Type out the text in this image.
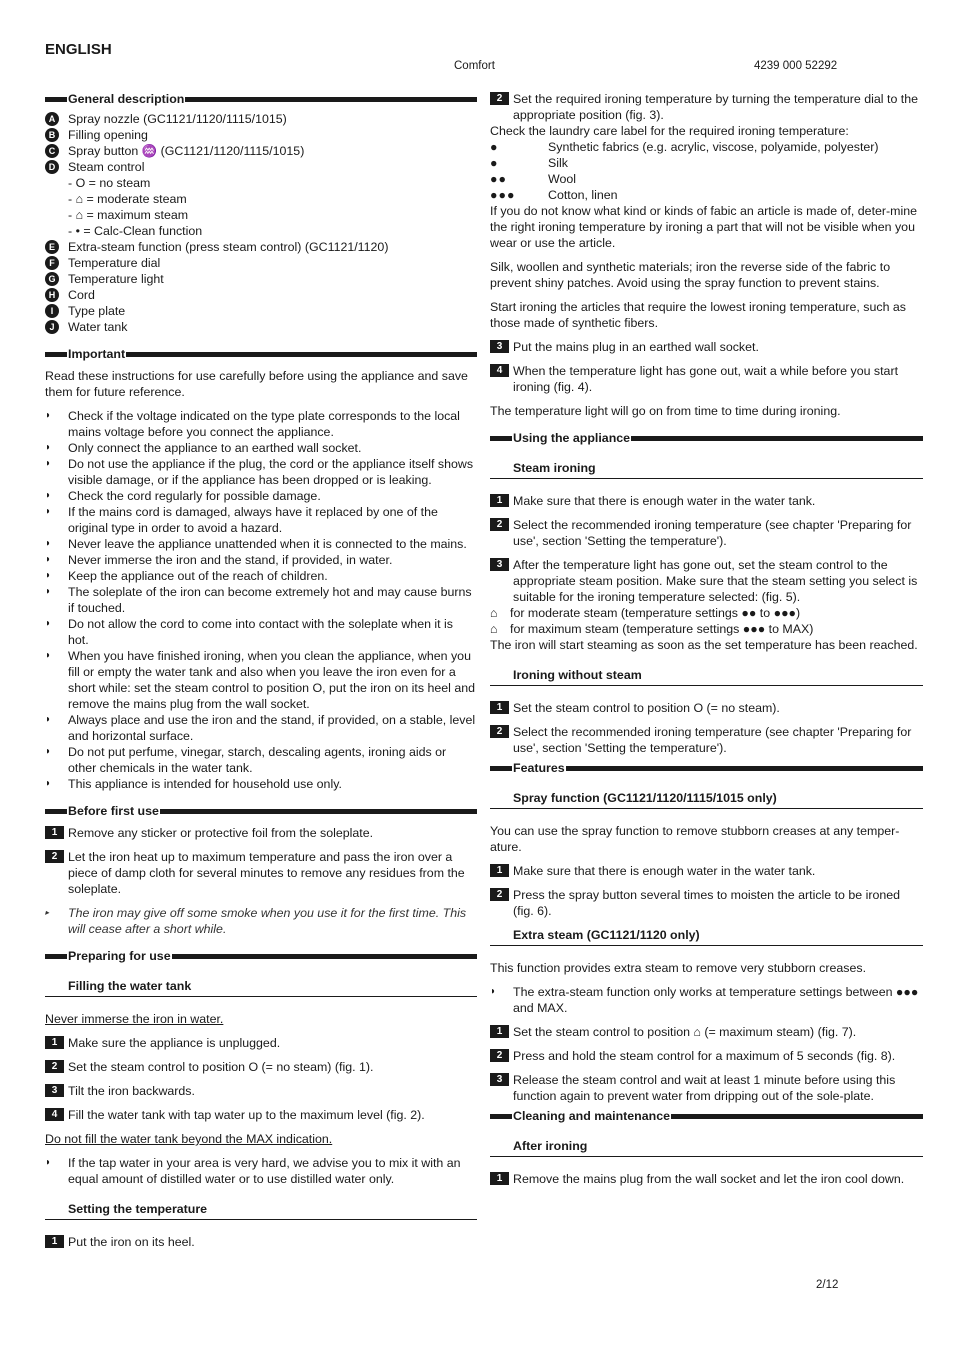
ENGLISH
Comfort	4239 000 52292
General description
A	Spray nozzle (GC1121/1120/1115/1015)
B	Filling opening
C	Spray button ♒ (GC1121/1120/1115/1015)
D	Steam control
- O = no steam
- ⌂ = moderate steam
- ⌂ = maximum steam
- • = Calc-Clean function
E	Extra-steam function (press steam control) (GC1121/1120)
F	Temperature dial
G Temperature light
H	Cord
I	Type plate
J	Water tank
Important
Read these instructions for use carefully before using the appliance and save them for future reference.
◗	Check if the voltage indicated on the type plate corresponds to the local mains voltage before you connect the appliance.
◗	Only connect the appliance to an earthed wall socket.
◗	Do not use the appliance if the plug, the cord or the appliance itself shows visible damage, or if the appliance has been dropped or is leaking.
◗	Check the cord regularly for possible damage.
◗	If the mains cord is damaged, always have it replaced by one of the original type in order to avoid a hazard.
◗	Never leave the appliance unattended when it is connected to the mains.
◗	Never immerse the iron and the stand, if provided, in water.
◗	Keep the appliance out of the reach of children.
◗	The soleplate of the iron can become extremely hot and may cause burns if touched.
◗	Do not allow the cord to come into contact with the soleplate when it is hot.
◗	When you have finished ironing, when you clean the appliance, when you fill or empty the water tank and also when you leave the iron even for a short while: set the steam control to position O, put the iron on its heel and remove the mains plug from the wall socket.
◗	Always place and use the iron and the stand, if provided, on a stable, level and horizontal surface.
◗	Do not put perfume, vinegar, starch, descaling agents, ironing aids or other chemicals in the water tank.
◗	This appliance is intended for household use only.
Before first use
1 Remove any sticker or protective foil from the soleplate.
2 Let the iron heat up to maximum temperature and pass the iron over a piece of damp cloth for several minutes to remove any residues from the soleplate.
▸	The iron may give off some smoke when you use it for the first time. This will cease after a short while.
Preparing for use
Filling the water tank
Never immerse the iron in water.
1 Make sure the appliance is unplugged.
2 Set the steam control to position O (= no steam) (fig. 1).
3 Tilt the iron backwards.
4 Fill the water tank with tap water up to the maximum level (fig. 2).
Do not fill the water tank beyond the MAX indication.
◗	If the tap water in your area is very hard, we advise you to mix it with an equal amount of distilled water or to use distilled water only.
Setting the temperature
1 Put the iron on its heel.
2 Set the required ironing temperature by turning the temperature dial to the appropriate position (fig. 3).
Check the laundry care label for the required ironing temperature:
●	Synthetic fabrics (e.g. acrylic, viscose, polyamide, polyester)
●	Silk
●●	Wool
●●●	Cotton, linen
If you do not know what kind or kinds of fabic an article is made of, deter-mine the right ironing temperature by ironing a part that will not be visible when you wear or use the article.
Silk, woollen and synthetic materials; iron the reverse side of the fabric to prevent shiny patches. Avoid using the spray function to prevent stains.
Start ironing the articles that require the lowest ironing temperature, such as those made of synthetic fibers.
3 Put the mains plug in an earthed wall socket.
4 When the temperature light has gone out, wait a while before you start ironing (fig. 4).
The temperature light will go on from time to time during ironing.
Using the appliance
Steam ironing
1 Make sure that there is enough water in the water tank.
2 Select the recommended ironing temperature (see chapter 'Preparing for use', section 'Setting the temperature').
3 After the temperature light has gone out, set the steam control to the appropriate steam position. Make sure that the steam setting you select is suitable for the ironing temperature selected: (fig. 5).
⌂	for moderate steam (temperature settings ●● to ●●●)
⌂	for maximum steam (temperature settings ●●● to MAX)
The iron will start steaming as soon as the set temperature has been reached.
Ironing without steam
1 Set the steam control to position O (= no steam).
2 Select the recommended ironing temperature (see chapter 'Preparing for use', section 'Setting the temperature').
Features
Spray function (GC1121/1120/1115/1015 only)
You can use the spray function to remove stubborn creases at any temper-ature.
1 Make sure that there is enough water in the water tank.
2 Press the spray button several times to moisten the article to be ironed (fig. 6).
Extra steam (GC1121/1120 only)
This function provides extra steam to remove very stubborn creases.
◗	The extra-steam function only works at temperature settings between ●●● and MAX.
1 Set the steam control to position ⌂ (= maximum steam) (fig. 7).
2 Press and hold the steam control for a maximum of 5 seconds (fig. 8).
3 Release the steam control and wait at least 1 minute before using this function again to prevent water from dripping out of the sole-plate.
Cleaning and maintenance
After ironing
1 Remove the mains plug from the wall socket and let the iron cool down.
2/12
